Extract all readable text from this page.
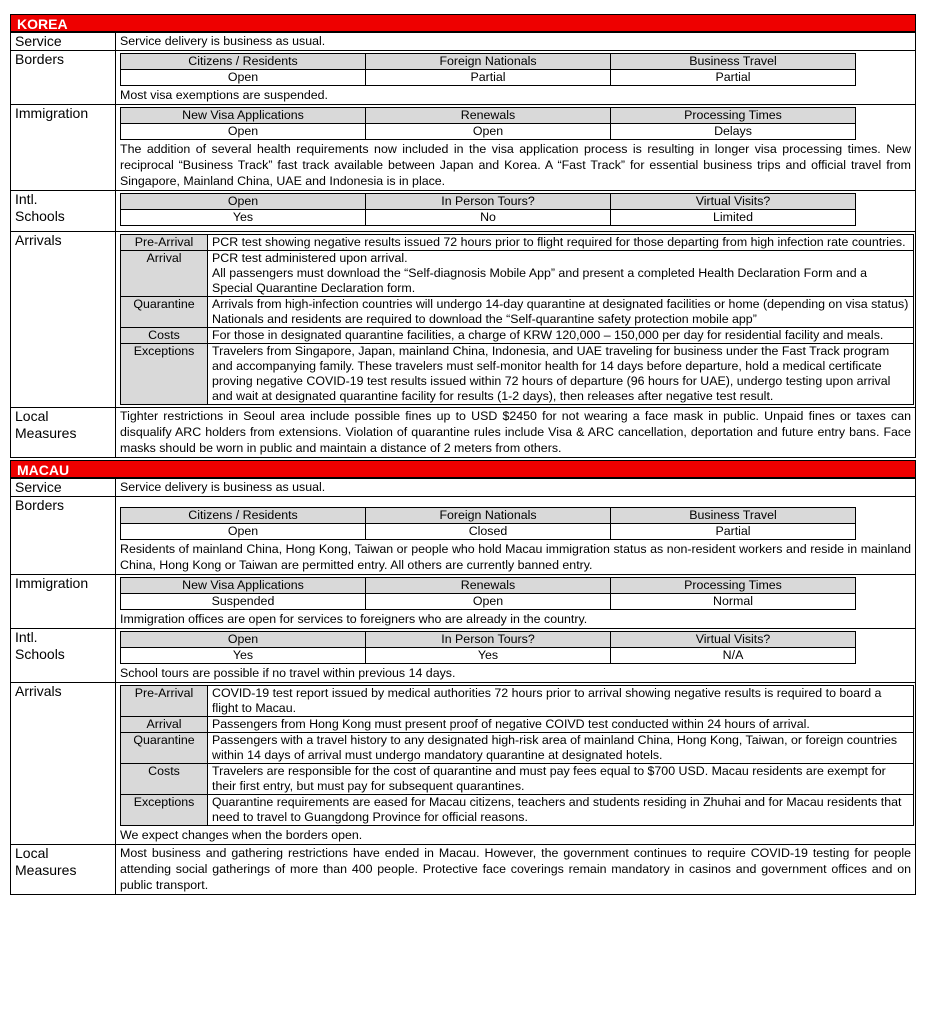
KOREA
Service	Service delivery is business as usual.
Borders		Citizens / Residents	Foreign Nationals	Business Travel
Open	Partial	Partial
Most visa exemptions are suspended.

Immigration		New Visa Applications	Renewals	Processing Times
Open	Open	Delays
The addition of several health requirements now included in the visa application process is resulting in longer visa processing times. New reciprocal “Business Track” fast track available between Japan and Korea. A “Fast Track” for essential business trips and official travel from Singapore, Mainland China, UAE and Indonesia is in place.

Intl.
Schools

Open	In Person Tours?	Virtual Visits?
Yes	No	Limited

Arrivals		Pre-Arrival	PCR test showing negative results issued 72 hours prior to flight required for those departing from high infection rate countries.
Arrival	PCR test administered upon arrival.
All passengers must download the “Self-diagnosis Mobile App” and present a completed Health Declaration Form and a Special Quarantine Declaration form.
Quarantine	Arrivals from high-infection countries will undergo 14-day quarantine at designated facilities or home (depending on visa status)
Nationals and residents are required to download the “Self-quarantine safety protection mobile app”
Costs	For those in designated quarantine facilities, a charge of KRW 120,000 – 150,000 per day for residential facility and meals.
Exceptions	Travelers from Singapore, Japan, mainland China, Indonesia, and UAE traveling for business under the Fast Track program and accompanying family. These travelers must self-monitor health for 14 days before departure, hold a medical certificate proving negative COVID-19 test results issued within 72 hours of departure (96 hours for UAE), undergo testing upon arrival and wait at designated quarantine facility for results (1-2 days), then releases after negative test result.

Local
Measures

Tighter restrictions in Seoul area include possible fines up to USD $2450 for not wearing a face mask in public. Unpaid fines or taxes can disqualify ARC holders from extensions. Violation of quarantine rules include Visa & ARC cancellation, deportation and future entry bans. Face masks should be worn in public and maintain a distance of 2 meters from others.
MACAU
Service	Service delivery is business as usual.
Borders	
Citizens / Residents	Foreign Nationals	Business Travel
Open	Closed	Partial
Residents of mainland China, Hong Kong, Taiwan or people who hold Macau immigration status as non-resident workers and reside in mainland China, Hong Kong or Taiwan are permitted entry. All others are currently banned entry.

Immigration		New Visa Applications	Renewals	Processing Times
Suspended	Open	Normal
Immigration offices are open for services to foreigners who are already in the country.

Intl.
Schools

Open	In Person Tours?	Virtual Visits?
Yes	Yes	N/A
School tours are possible if no travel within previous 14 days.

Arrivals		Pre-Arrival	COVID-19 test report issued by medical authorities 72 hours prior to arrival showing negative results is required to board a flight to Macau.
Arrival	Passengers from Hong Kong must present proof of negative COIVD test conducted within 24 hours of arrival.
Quarantine	Passengers with a travel history to any designated high-risk area of mainland China, Hong Kong, Taiwan, or foreign countries within 14 days of arrival must undergo mandatory quarantine at designated hotels.
Costs	Travelers are responsible for the cost of quarantine and must pay fees equal to $700 USD. Macau residents are exempt for their first entry, but must pay for subsequent quarantines.
Exceptions	Quarantine requirements are eased for Macau citizens, teachers and students residing in Zhuhai and for Macau residents that need to travel to Guangdong Province for official reasons.
We expect changes when the borders open.

Local
Measures

Most business and gathering restrictions have ended in Macau. However, the government continues to require COVID-19 testing for people attending social gatherings of more than 400 people. Protective face coverings remain mandatory in casinos and government offices and on public transport.
